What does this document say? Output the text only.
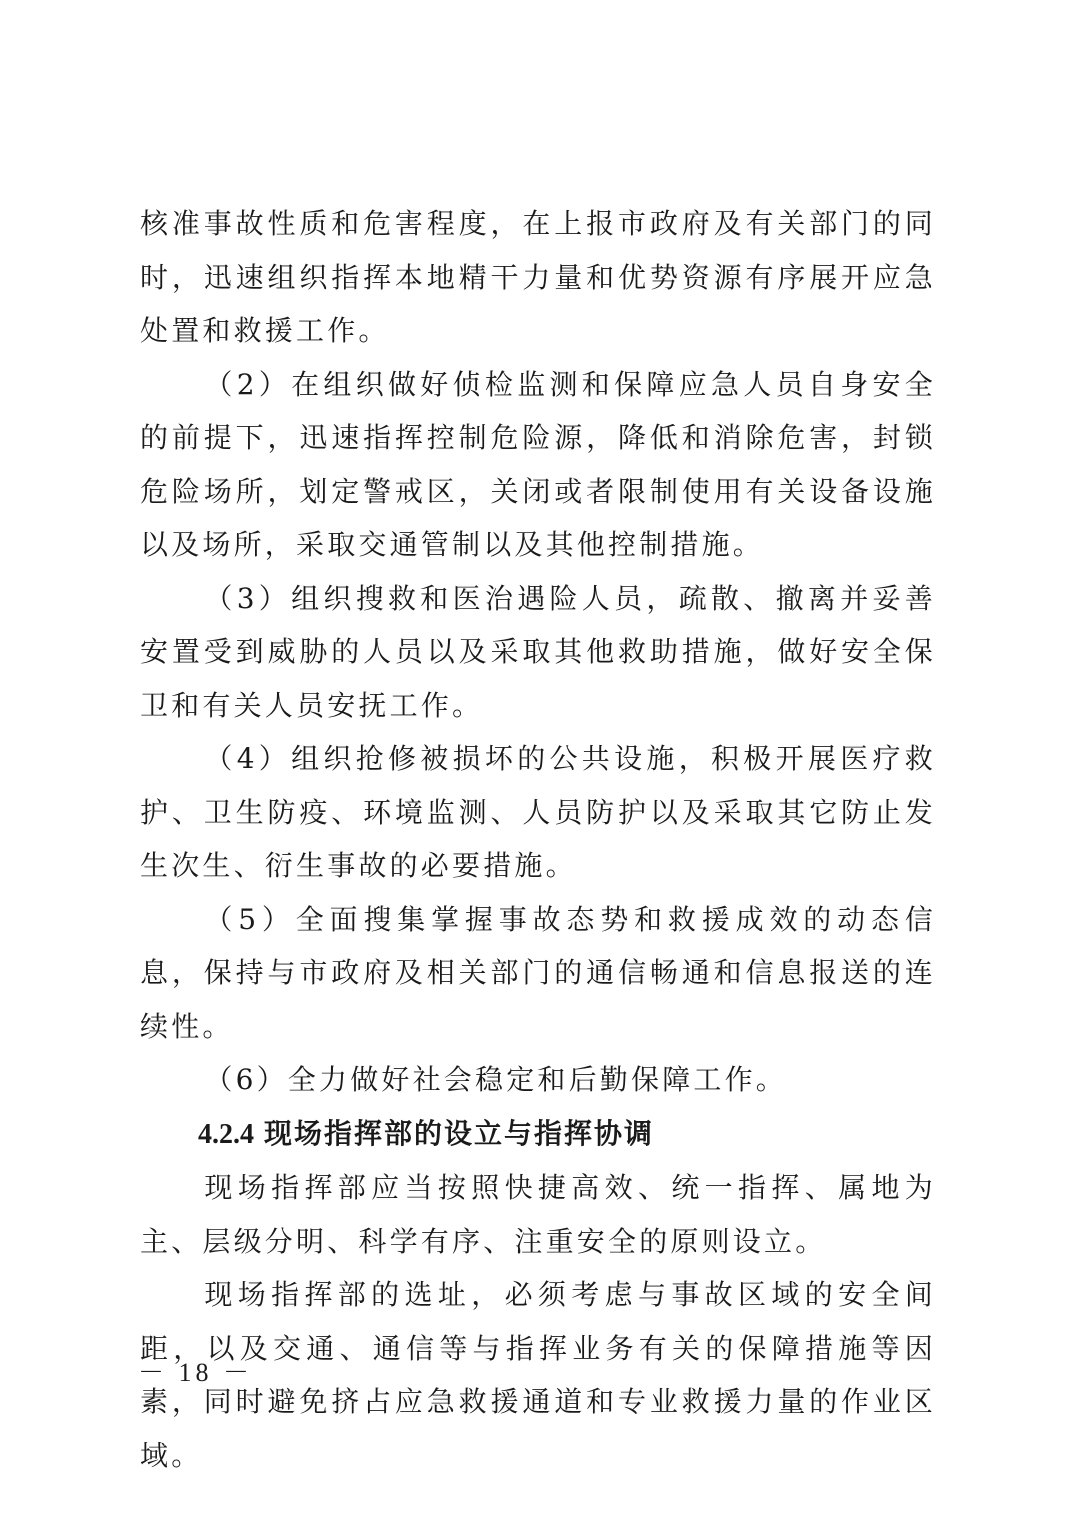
核准事故性质和危害程度，在上报市政府及有关部门的同时，迅速组织指挥本地精干力量和优势资源有序展开应急处置和救援工作。

（2）在组织做好侦检监测和保障应急人员自身安全的前提下，迅速指挥控制危险源，降低和消除危害，封锁危险场所，划定警戒区，关闭或者限制使用有关设备设施以及场所，采取交通管制以及其他控制措施。

（3）组织搜救和医治遇险人员，疏散、撤离并妥善安置受到威胁的人员以及采取其他救助措施，做好安全保卫和有关人员安抚工作。

（4）组织抢修被损坏的公共设施，积极开展医疗救护、卫生防疫、环境监测、人员防护以及采取其它防止发生次生、衍生事故的必要措施。

（5）全面搜集掌握事故态势和救援成效的动态信息，保持与市政府及相关部门的通信畅通和信息报送的连续性。

（6）全力做好社会稳定和后勤保障工作。

4.2.4 现场指挥部的设立与指挥协调

现场指挥部应当按照快捷高效、统一指挥、属地为主、层级分明、科学有序、注重安全的原则设立。

现场指挥部的选址，必须考虑与事故区域的安全间距，以及交通、通信等与指挥业务有关的保障措施等因素，同时避免挤占应急救援通道和专业救援力量的作业区域。

－ 18 －
